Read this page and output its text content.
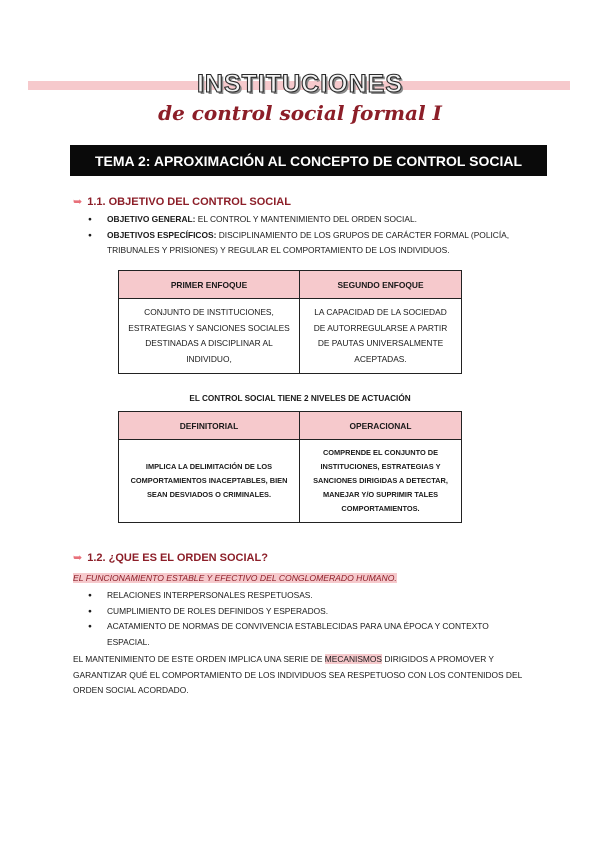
INSTITUCIONES
de control social formal I
TEMA 2: APROXIMACIÓN AL CONCEPTO DE CONTROL SOCIAL
➥ 1.1. OBJETIVO DEL CONTROL SOCIAL
● OBJETIVO GENERAL: EL CONTROL Y MANTENIMIENTO DEL ORDEN SOCIAL.
● OBJETIVOS ESPECÍFICOS: DISCIPLINAMIENTO DE LOS GRUPOS DE CARÁCTER FORMAL (POLICÍA, TRIBUNALES Y PRISIONES) Y REGULAR EL COMPORTAMIENTO DE LOS INDIVIDUOS.
PRIMER ENFOQUE	SEGUNDO ENFOQUE
CONJUNTO DE INSTITUCIONES, ESTRATEGIAS Y SANCIONES SOCIALES DESTINADAS A DISCIPLINAR AL INDIVIDUO,	LA CAPACIDAD DE LA SOCIEDAD DE AUTORREGULARSE A PARTIR DE PAUTAS UNIVERSALMENTE ACEPTADAS.
EL CONTROL SOCIAL TIENE 2 NIVELES DE ACTUACIÓN
DEFINITORIAL	OPERACIONAL
IMPLICA LA DELIMITACIÓN DE LOS COMPORTAMIENTOS INACEPTABLES, BIEN SEAN DESVIADOS O CRIMINALES.	COMPRENDE EL CONJUNTO DE INSTITUCIONES, ESTRATEGIAS Y SANCIONES DIRIGIDAS A DETECTAR, MANEJAR Y/O SUPRIMIR TALES COMPORTAMIENTOS.
➥ 1.2. ¿QUE ES EL ORDEN SOCIAL?
EL FUNCIONAMIENTO ESTABLE Y EFECTIVO DEL CONGLOMERADO HUMANO.
● RELACIONES INTERPERSONALES RESPETUOSAS.
● CUMPLIMIENTO DE ROLES DEFINIDOS Y ESPERADOS.
● ACATAMIENTO DE NORMAS DE CONVIVENCIA ESTABLECIDAS PARA UNA ÉPOCA Y CONTEXTO ESPACIAL.

EL MANTENIMIENTO DE ESTE ORDEN IMPLICA UNA SERIE DE MECANISMOS DIRIGIDOS A PROMOVER Y GARANTIZAR QUÉ EL COMPORTAMIENTO DE LOS INDIVIDUOS SEA RESPETUOSO CON LOS CONTENIDOS DEL ORDEN SOCIAL ACORDADO.
